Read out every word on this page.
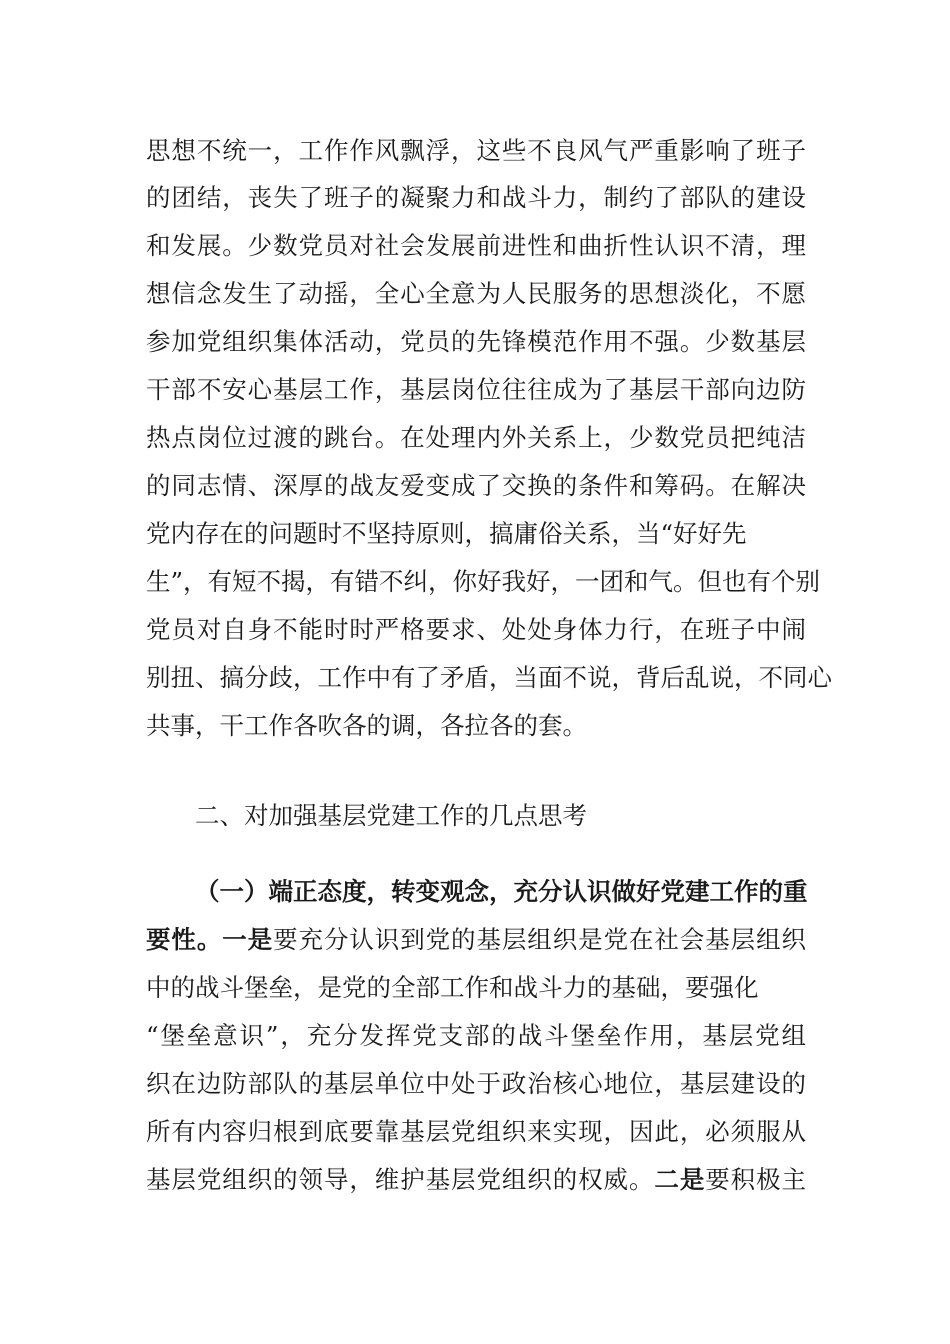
思想不统一，工作作风飘浮，这些不良风气严重影响了班子
的团结，丧失了班子的凝聚力和战斗力，制约了部队的建设
和发展。少数党员对社会发展前进性和曲折性认识不清，理
想信念发生了动摇，全心全意为人民服务的思想淡化，不愿
参加党组织集体活动，党员的先锋模范作用不强。少数基层
干部不安心基层工作，基层岗位往往成为了基层干部向边防
热点岗位过渡的跳台。在处理内外关系上，少数党员把纯洁
的同志情、深厚的战友爱变成了交换的条件和筹码。在解决
党内存在的问题时不坚持原则，搞庸俗关系，当“好好先
生”，有短不揭，有错不纠，你好我好，一团和气。但也有个别
党员对自身不能时时严格要求、处处身体力行，在班子中闹
别扭、搞分歧，工作中有了矛盾，当面不说，背后乱说，不同心
共事，干工作各吹各的调，各拉各的套。
二、对加强基层党建工作的几点思考
（一）端正态度，转变观念，充分认识做好党建工作的重
要性。一是要充分认识到党的基层组织是党在社会基层组织
中的战斗堡垒，是党的全部工作和战斗力的基础，要强化
“堡垒意识”，充分发挥党支部的战斗堡垒作用，基层党组
织在边防部队的基层单位中处于政治核心地位，基层建设的
所有内容归根到底要靠基层党组织来实现，因此，必须服从
基层党组织的领导，维护基层党组织的权威。二是要积极主
